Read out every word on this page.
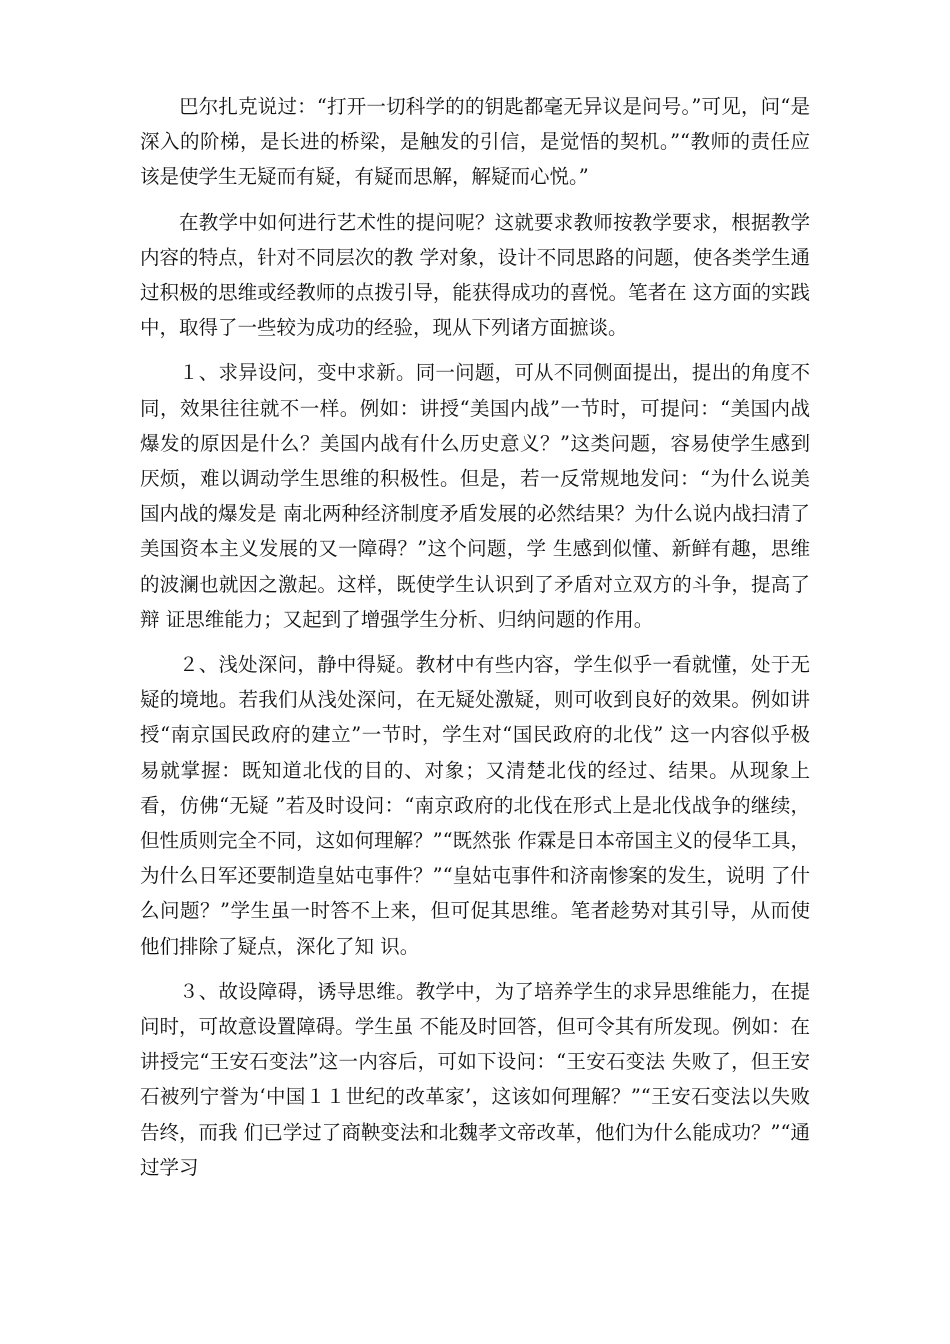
巴尔扎克说过：“打开一切科学的的钥匙都毫无异议是问号。”可见，问“是深入的阶梯，是长进的桥梁，是触发的引信，是觉悟的契机。”“教师的责任应该是使学生无疑而有疑，有疑而思解，解疑而心悦。”

在教学中如何进行艺术性的提问呢？这就要求教师按教学要求，根据教学内容的特点，针对不同层次的教 学对象，设计不同思路的问题，使各类学生通过积极的思维或经教师的点拨引导，能获得成功的喜悦。笔者在 这方面的实践中，取得了一些较为成功的经验，现从下列诸方面摭谈。

１、求异设问，变中求新。同一问题，可从不同侧面提出，提出的角度不同，效果往往就不一样。例如：讲授“美国内战”一节时，可提问：“美国内战爆发的原因是什么？美国内战有什么历史意义？”这类问题，容易使学生感到厌烦，难以调动学生思维的积极性。但是，若一反常规地发问：“为什么说美国内战的爆发是 南北两种经济制度矛盾发展的必然结果？为什么说内战扫清了美国资本主义发展的又一障碍？”这个问题，学 生感到似懂、新鲜有趣，思维的波澜也就因之激起。这样，既使学生认识到了矛盾对立双方的斗争，提高了辩 证思维能力；又起到了增强学生分析、归纳问题的作用。

２、浅处深问，静中得疑。教材中有些内容，学生似乎一看就懂，处于无疑的境地。若我们从浅处深问，在无疑处激疑，则可收到良好的效果。例如讲授“南京国民政府的建立”一节时，学生对“国民政府的北伐” 这一内容似乎极易就掌握：既知道北伐的目的、对象；又清楚北伐的经过、结果。从现象上看，仿佛“无疑 ”若及时设问：“南京政府的北伐在形式上是北伐战争的继续，但性质则完全不同，这如何理解？”“既然张 作霖是日本帝国主义的侵华工具，为什么日军还要制造皇姑屯事件？”“皇姑屯事件和济南惨案的发生，说明 了什么问题？”学生虽一时答不上来，但可促其思维。笔者趁势对其引导，从而使他们排除了疑点，深化了知 识。

３、故设障碍，诱导思维。教学中，为了培养学生的求异思维能力，在提问时，可故意设置障碍。学生虽 不能及时回答，但可令其有所发现。例如：在讲授完“王安石变法”这一内容后，可如下设问：“王安石变法 失败了，但王安石被列宁誉为‘中国１１世纪的改革家’，这该如何理解？”“王安石变法以失败告终，而我 们已学过了商鞅变法和北魏孝文帝改革，他们为什么能成功？”“通过学习
